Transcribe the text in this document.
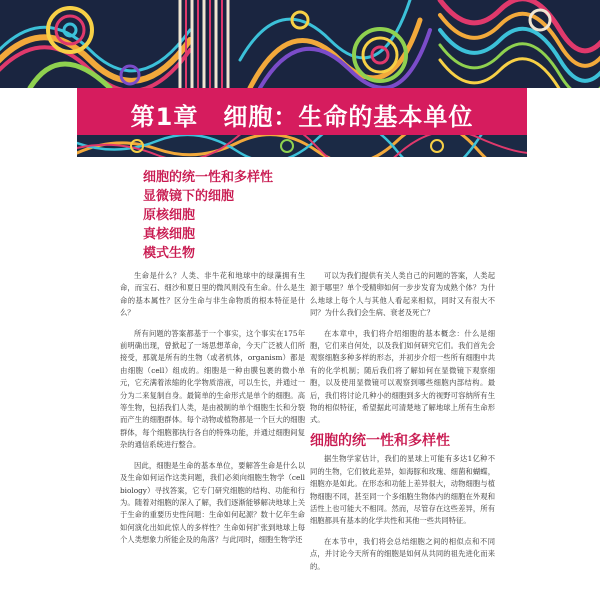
第1章　细胞：生命的基本单位
细胞的统一性和多样性
显微镜下的细胞
原核细胞
真核细胞
模式生物

生命是什么？人类、非牛花和地球中的绿藻拥有生命，而宝石、细沙和夏日里的微风则没有生命。什么是生命的基本属性？区分生命与非生命物质的根本特征是什么？

所有问题的答案都基于一个事实，这个事实在175年前明确出现，曾掀起了一场思想革命，今天广泛被人们所接受，那就是所有的生物（或者机体，organism）都是由细胞（cell）组成的。细胞是一种由膜包裹的微小单元，它充满着浓缩的化学物质溶液，可以生长，并通过一分为二来复制自身。最简单的生命形式是单个的细胞。高等生物，包括我们人类，是由被制的单个细胞生长和分裂而产生的细胞群体。每个动物或植物都是一个巨大的细胞群体，每个细胞都执行各自的特殊功能，并通过细胞间复杂的通信系统进行整合。

因此，细胞是生命的基本单位，要解答生命是什么以及生命如何运作这类问题，我们必须向细胞生物学（cell biology）寻找答案，它专门研究细胞的结构、功能和行为。随着对细胞的深入了解，我们逐渐能够解决地球上关于生命的重要历史性问题：生命如何起源？数十亿年生命如何演化出如此惊人的多样性？生命如何扩张到地球上每个人类想象力所能企及的角落？与此同时，细胞生物学还

可以为我们提供有关人类自己的问题的答案，人类起源于哪里？单个受精卵如何一步步发育为成熟个体？为什么地球上每个人与其他人看起来相似，同时又有很大不同？为什么我们会生病、衰老及死亡？

在本章中，我们将介绍细胞的基本概念：什么是细胞，它们来自何处，以及我们如何研究它们。我们首先会观察细胞多种多样的形态，并初步介绍一些所有细胞中共有的化学机制；随后我们将了解如何在显微镜下观察细胞，以及使用显微镜可以观察到哪些细胞内部结构。最后，我们将讨论几种小的细胞到多大的视野可容纳所有生物的相似特征，希望据此可清楚地了解地球上所有生命形式。

细胞的统一性和多样性

据生物学家估计，我们的星球上可能有多达1亿种不同的生物，它们彼此差异，如海豚和玫瑰、细菌和蝴蝶，细胞亦是如此。在形态和功能上差异很大，动物细胞与植物细胞不同，甚至同一个多细胞生物体内的细胞在外观和活性上也可能大不相同。然而，尽管存在这些差异，所有细胞都具有基本的化学共性和其他一些共同特征。

在本节中，我们将会总结细胞之间的相似点和不同点，并讨论今天所有的细胞是如何从共同的祖先进化而来的。
